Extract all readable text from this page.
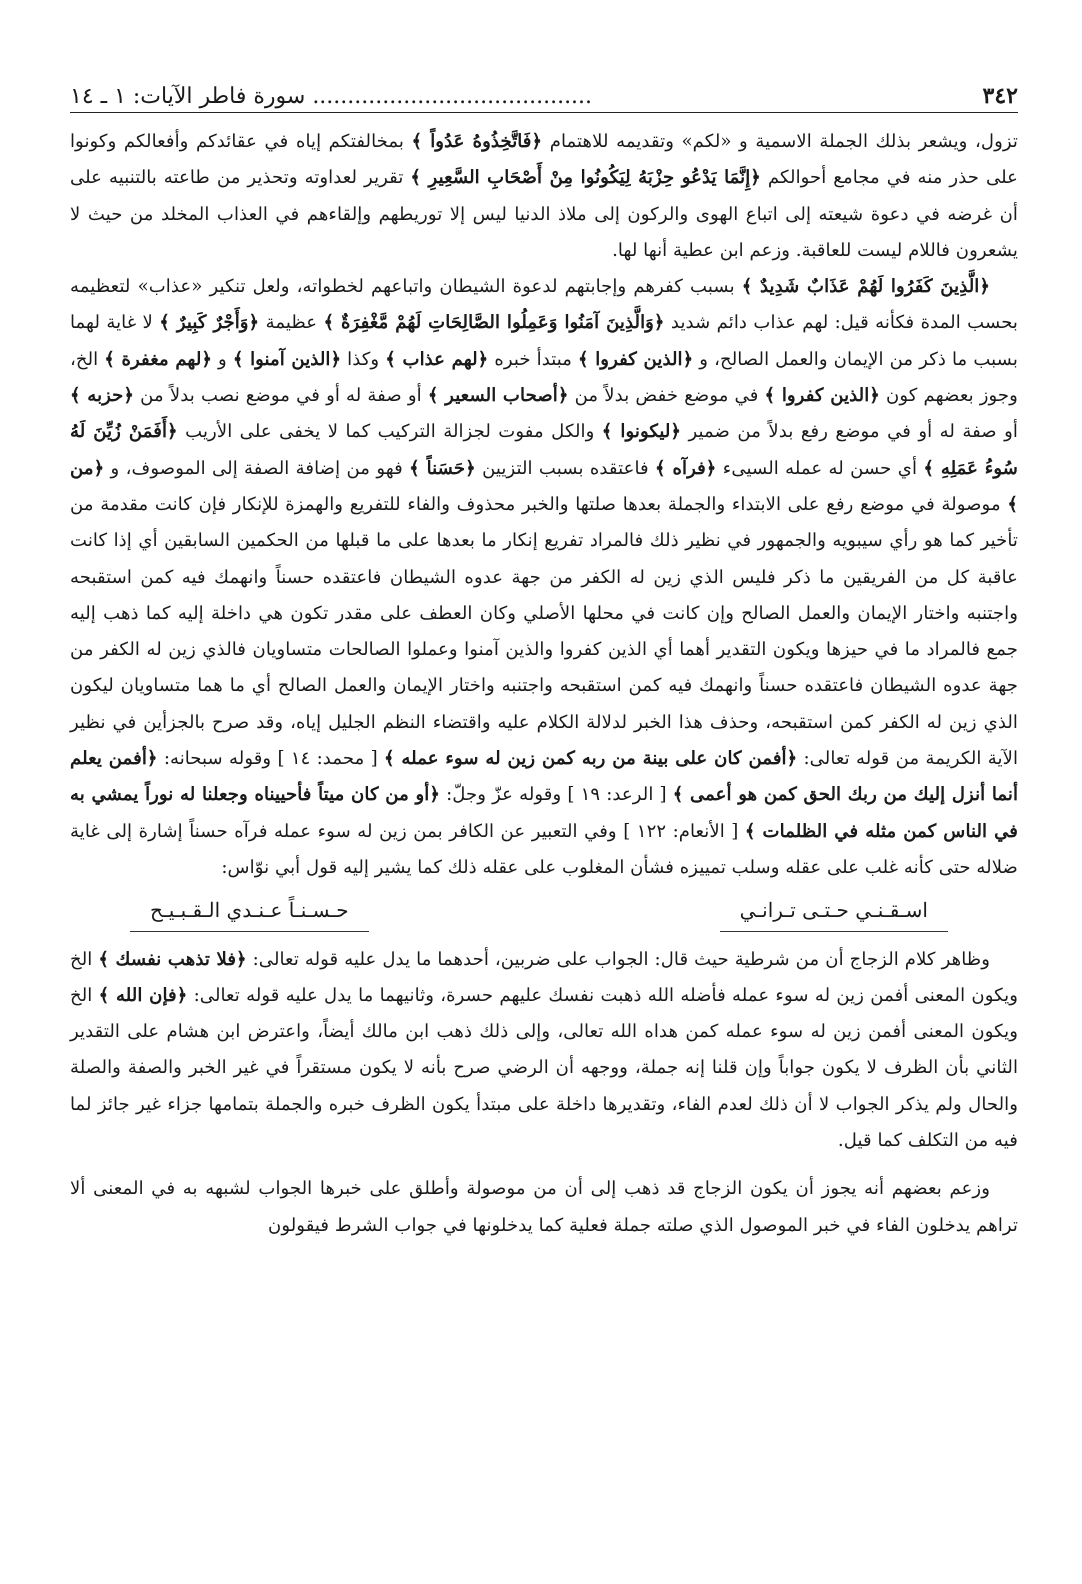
٣٤٢
........................................ سورة فاطر الآيات: ١ ـ ١٤

تزول، ويشعر بذلك الجملة الاسمية و «لكم» وتقديمه للاهتمام ﴿فَاتَّخِذُوهُ عَدُواً ﴾ بمخالفتكم إياه في عقائدكم وأفعالكم وكونوا على حذر منه في مجامع أحوالكم ﴿إِنَّمَا يَدْعُو حِزْبَهُ لِيَكُونُوا مِنْ أَصْحَابِ السَّعِيرِ ﴾ تقرير لعداوته وتحذير من طاعته بالتنبيه على أن غرضه في دعوة شيعته إلى اتباع الهوى والركون إلى ملاذ الدنيا ليس إلا توريطهم وإلقاءهم في العذاب المخلد من حيث لا يشعرون فاللام ليست للعاقبة. وزعم ابن عطية أنها لها.

﴿الَّذِينَ كَفَرُوا لَهُمْ عَذَابٌ شَدِيدٌ ﴾ بسبب كفرهم وإجابتهم لدعوة الشيطان واتباعهم لخطواته، ولعل تنكير «عذاب» لتعظيمه بحسب المدة فكأنه قيل: لهم عذاب دائم شديد ﴿وَالَّذِينَ آمَنُوا وَعَمِلُوا الصَّالِحَاتِ لَهُمْ مَّغْفِرَةٌ ﴾ عظيمة ﴿وَأَجْرٌ كَبِيرٌ ﴾ لا غاية لهما بسبب ما ذكر من الإيمان والعمل الصالح، و ﴿الذين كفروا ﴾ مبتدأ خبره ﴿لهم عذاب ﴾ وكذا ﴿الذين آمنوا ﴾ و ﴿لهم مغفرة ﴾ الخ، وجوز بعضهم كون ﴿الذين كفروا ﴾ في موضع خفض بدلاً من ﴿أصحاب السعير ﴾ أو صفة له أو في موضع نصب بدلاً من ﴿حزبه ﴾ أو صفة له أو في موضع رفع بدلاً من ضمير ﴿ليكونوا ﴾ والكل مفوت لجزالة التركيب كما لا يخفى على الأريب ﴿أَفَمَنْ زُيِّنَ لَهُ سُوءُ عَمَلِهِ ﴾ أي حسن له عمله السيىء ﴿فرآه ﴾ فاعتقده بسبب التزيين ﴿حَسَناً ﴾ فهو من إضافة الصفة إلى الموصوف، و ﴿من ﴾ موصولة في موضع رفع على الابتداء والجملة بعدها صلتها والخبر محذوف والفاء للتفريع والهمزة للإنكار فإن كانت مقدمة من تأخير كما هو رأي سيبويه والجمهور في نظير ذلك فالمراد تفريع إنكار ما بعدها على ما قبلها من الحكمين السابقين أي إذا كانت عاقبة كل من الفريقين ما ذكر فليس الذي زين له الكفر من جهة عدوه الشيطان فاعتقده حسناً وانهمك فيه كمن استقبحه واجتنبه واختار الإيمان والعمل الصالح وإن كانت في محلها الأصلي وكان العطف على مقدر تكون هي داخلة إليه كما ذهب إليه جمع فالمراد ما في حيزها ويكون التقدير أهما أي الذين كفروا والذين آمنوا وعملوا الصالحات متساويان فالذي زين له الكفر من جهة عدوه الشيطان فاعتقده حسناً وانهمك فيه كمن استقبحه واجتنبه واختار الإيمان والعمل الصالح أي ما هما متساويان ليكون الذي زين له الكفر كمن استقبحه، وحذف هذا الخبر لدلالة الكلام عليه واقتضاء النظم الجليل إياه، وقد صرح بالجزأين في نظير الآية الكريمة من قوله تعالى: ﴿أفمن كان على بينة من ربه كمن زين له سوء عمله ﴾ [ محمد: ١٤ ] وقوله سبحانه: ﴿أفمن يعلم أنما أنزل إليك من ربك الحق كمن هو أعمى ﴾ [ الرعد: ١٩ ] وقوله عزّ وجلّ: ﴿أو من كان ميتاً فأحييناه وجعلنا له نوراً يمشي به في الناس كمن مثله في الظلمات ﴾ [ الأنعام: ١٢٢ ] وفي التعبير عن الكافر بمن زين له سوء عمله فرآه حسناً إشارة إلى غاية ضلاله حتى كأنه غلب على عقله وسلب تمييزه فشأن المغلوب على عقله ذلك كما يشير إليه قول أبي نوّاس:

اسـقـنـي حـتـى تـرانـي
حـسـنـاً عـنـدي الـقـبـيـح

وظاهر كلام الزجاج أن من شرطية حيث قال: الجواب على ضربين، أحدهما ما يدل عليه قوله تعالى: ﴿فلا تذهب نفسك ﴾ الخ ويكون المعنى أفمن زين له سوء عمله فأضله الله ذهبت نفسك عليهم حسرة، وثانيهما ما يدل عليه قوله تعالى: ﴿فإن الله ﴾ الخ ويكون المعنى أفمن زين له سوء عمله كمن هداه الله تعالى، وإلى ذلك ذهب ابن مالك أيضاً، واعترض ابن هشام على التقدير الثاني بأن الظرف لا يكون جواباً وإن قلنا إنه جملة، ووجهه أن الرضي صرح بأنه لا يكون مستقراً في غير الخبر والصفة والصلة والحال ولم يذكر الجواب لا أن ذلك لعدم الفاء، وتقديرها داخلة على مبتدأ يكون الظرف خبره والجملة بتمامها جزاء غير جائز لما فيه من التكلف كما قيل.

وزعم بعضهم أنه يجوز أن يكون الزجاج قد ذهب إلى أن من موصولة وأطلق على خبرها الجواب لشبهه به في المعنى ألا تراهم يدخلون الفاء في خبر الموصول الذي صلته جملة فعلية كما يدخلونها في جواب الشرط فيقولون
